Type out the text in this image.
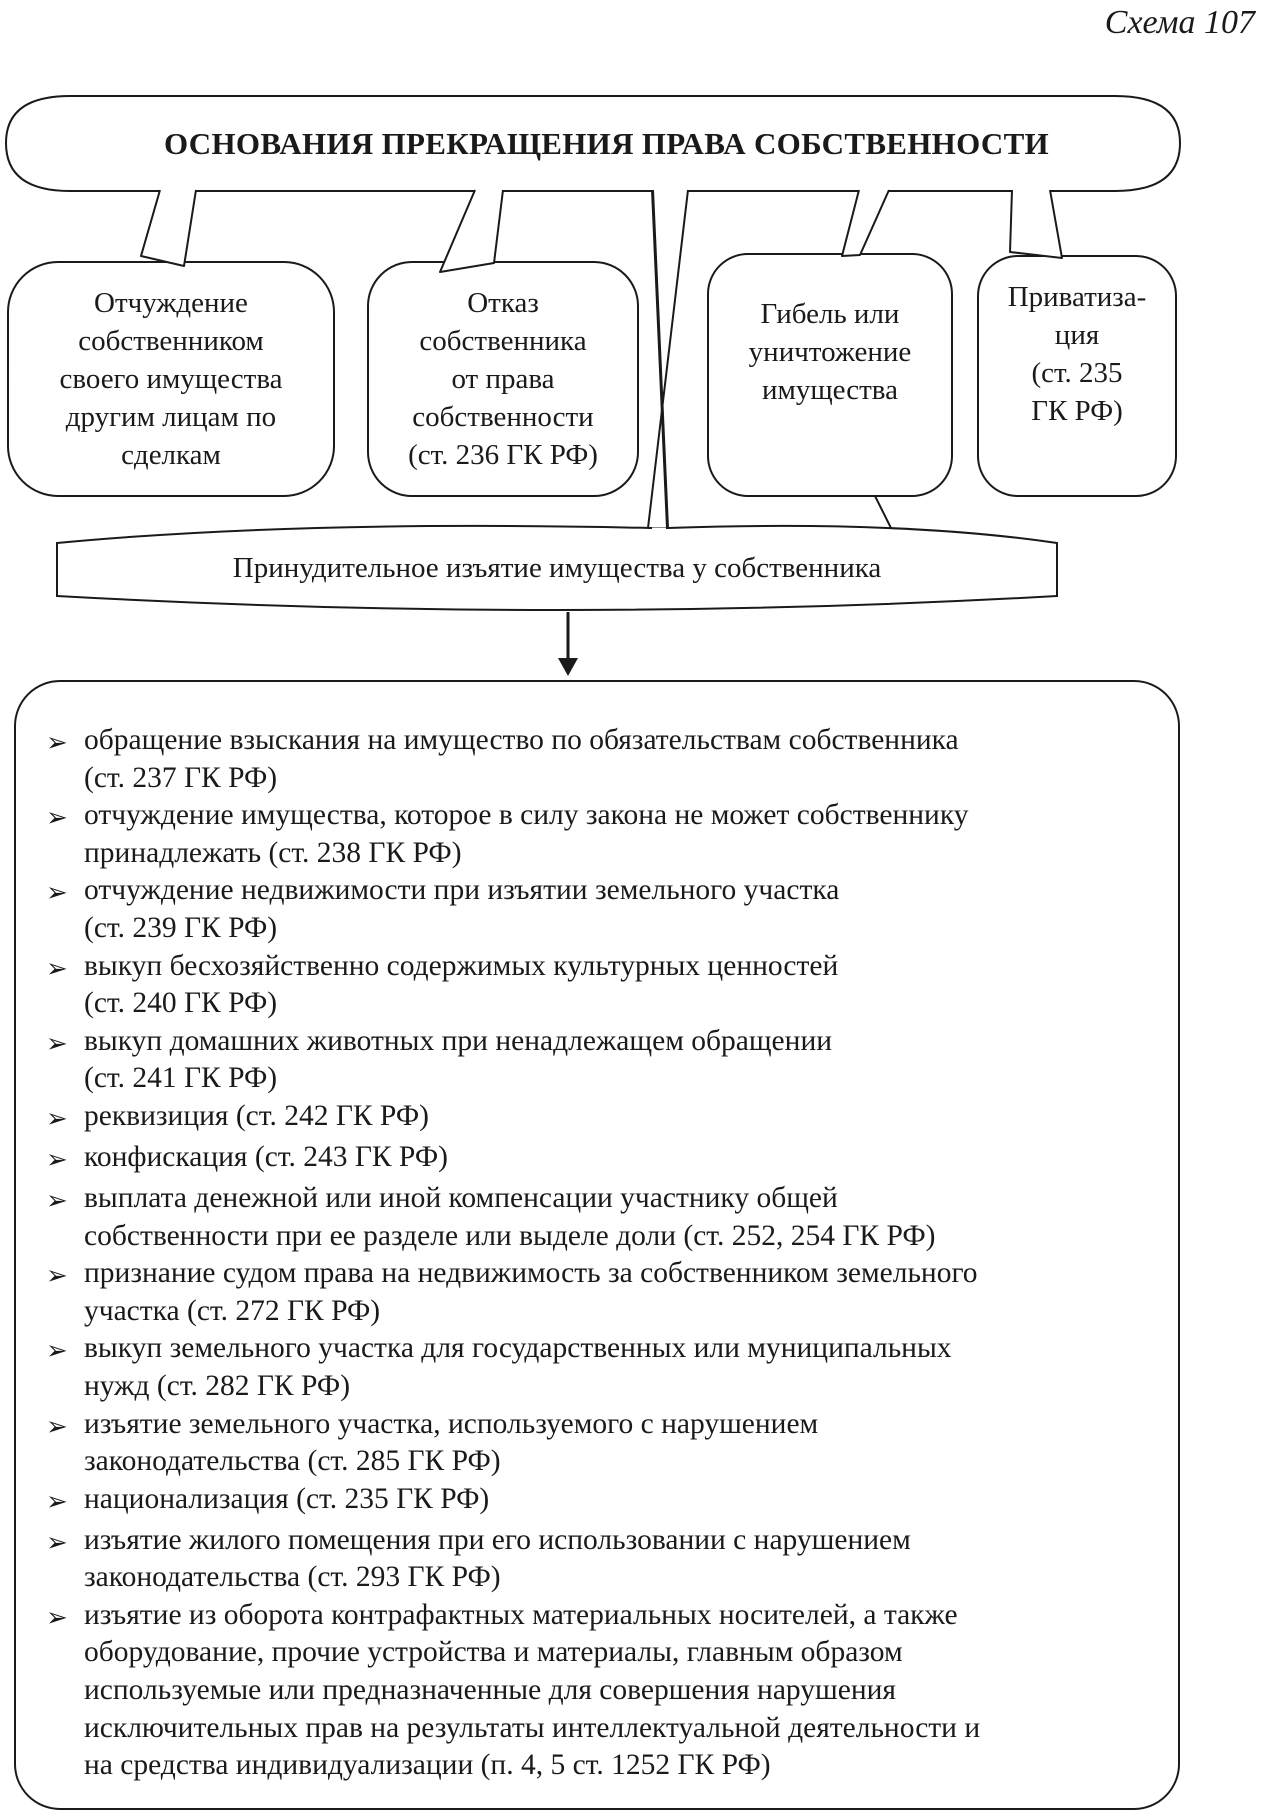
Схема 107
ОСНОВАНИЯ ПРЕКРАЩЕНИЯ ПРАВА СОБСТВЕННОСТИ
Отчуждение
собственником
своего имущества
другим лицам по
сделкам
Отказ
собственника
от права
собственности
(ст. 236 ГК РФ)
Гибель или
уничтожение
имущества
Приватиза-
ция
(ст. 235
ГК РФ)
Принудительное изъятие имущества у собственника
➢ обращение взыскания на имущество по обязательствам собственника
(ст. 237 ГК РФ)
➢ отчуждение имущества, которое в силу закона не может собственнику
принадлежать (ст. 238 ГК РФ)
➢ отчуждение недвижимости при изъятии земельного участка
(ст. 239 ГК РФ)
➢ выкуп бесхозяйственно содержимых культурных ценностей
(ст. 240 ГК РФ)
➢ выкуп домашних животных при ненадлежащем обращении
(ст. 241 ГК РФ)
➢ реквизиция (ст. 242 ГК РФ)
➢ конфискация (ст. 243 ГК РФ)
➢ выплата денежной или иной компенсации участнику общей
собственности при ее разделе или выделе доли (ст. 252, 254 ГК РФ)
➢ признание судом права на недвижимость за собственником земельного
участка (ст. 272 ГК РФ)
➢ выкуп земельного участка для государственных или муниципальных
нужд (ст. 282 ГК РФ)
➢ изъятие земельного участка, используемого с нарушением
законодательства (ст. 285 ГК РФ)
➢ национализация (ст. 235 ГК РФ)
➢ изъятие жилого помещения при его использовании с нарушением
законодательства (ст. 293 ГК РФ)
➢ изъятие из оборота контрафактных материальных носителей, а также
оборудование, прочие устройства и материалы, главным образом
используемые или предназначенные для совершения нарушения
исключительных прав на результаты интеллектуальной деятельности и
на средства индивидуализации (п. 4, 5 ст. 1252 ГК РФ)
